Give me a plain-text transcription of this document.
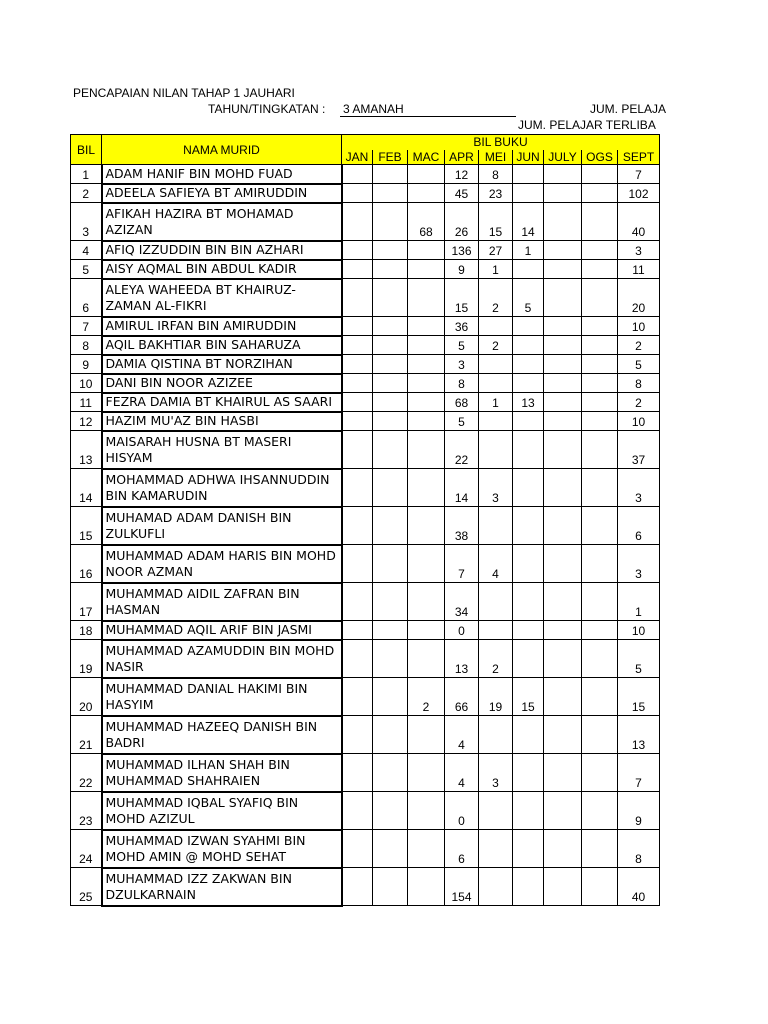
PENCAPAIAN NILAN TAHAP 1 JAUHARI
TAHUN/TINGKATAN : 3 AMANAH	JUM. PELAJA
JUM. PELAJAR TERLIBA
BIL	NAMA MURID	BIL BUKU								
		JAN	FEB	MAC	APR	MEI	JUN	JULY	OGS	SEPT
1	ADAM HANIF BIN MOHD FUAD				12	8				7
2	ADEELA SAFIEYA BT AMIRUDDIN				45	23				102
3	AFIKAH HAZIRA BT MOHAMAD AZIZAN			68	26	15	14			40
4	AFIQ IZZUDDIN BIN BIN AZHARI				136	27	1			3
5	AISY AQMAL BIN ABDUL KADIR				9	1				11
6	ALEYA WAHEEDA BT KHAIRUZ-ZAMAN AL-FIKRI				15	2	5			20
7	AMIRUL IRFAN BIN AMIRUDDIN				36					10
8	AQIL BAKHTIAR BIN SAHARUZA				5	2				2
9	DAMIA QISTINA BT NORZIHAN				3					5
10	DANI BIN NOOR AZIZEE				8					8
11	FEZRA DAMIA BT KHAIRUL AS SAARI				68	1	13			2
12	HAZIM MU'AZ BIN HASBI				5					10
13	MAISARAH HUSNA BT MASERI HISYAM				22					37
14	MOHAMMAD ADHWA IHSANNUDDIN BIN KAMARUDIN				14	3				3
15	MUHAMAD ADAM DANISH BIN ZULKUFLI				38					6
16	MUHAMMAD ADAM HARIS BIN MOHD NOOR AZMAN				7	4				3
17	MUHAMMAD AIDIL ZAFRAN BIN HASMAN				34					1
18	MUHAMMAD AQIL ARIF BIN JASMI				0					10
19	MUHAMMAD AZAMUDDIN BIN MOHD NASIR				13	2				5
20	MUHAMMAD DANIAL HAKIMI BIN HASYIM			2	66	19	15			15
21	MUHAMMAD HAZEEQ DANISH BIN BADRI				4					13
22	MUHAMMAD ILHAN SHAH BIN MUHAMMAD SHAHRAIEN				4	3				7
23	MUHAMMAD IQBAL SYAFIQ BIN MOHD AZIZUL				0					9
24	MUHAMMAD IZWAN SYAHMI BIN MOHD AMIN @ MOHD SEHAT				6					8
25	MUHAMMAD IZZ ZAKWAN BIN DZULKARNAIN				154					40
